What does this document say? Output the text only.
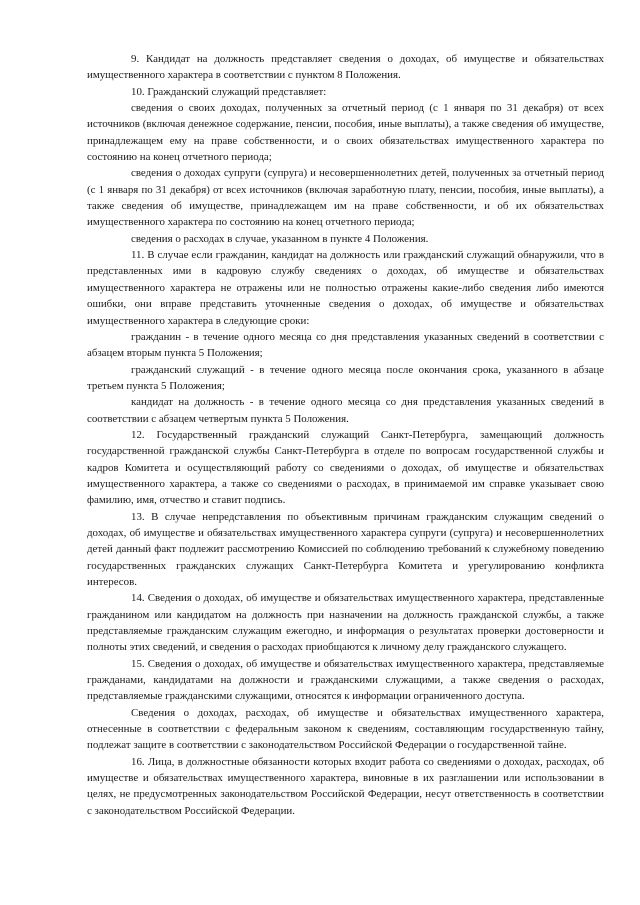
9. Кандидат на должность представляет сведения о доходах, об имуществе и обязательствах имущественного характера в соответствии с пунктом 8 Положения.

10. Гражданский служащий представляет:

сведения о своих доходах, полученных за отчетный период (с 1 января по 31 декабря) от всех источников (включая денежное содержание, пенсии, пособия, иные выплаты), а также сведения об имуществе, принадлежащем ему на праве собственности, и о своих обязательствах имущественного характера по состоянию на конец отчетного периода;

сведения о доходах супруги (супруга) и несовершеннолетних детей, полученных за отчетный период (с 1 января по 31 декабря) от всех источников (включая заработную плату, пенсии, пособия, иные выплаты), а также сведения об имуществе, принадлежащем им на праве собственности, и об их обязательствах имущественного характера по состоянию на конец отчетного периода;

сведения о расходах в случае, указанном в пункте 4 Положения.

11. В случае если гражданин, кандидат на должность или гражданский служащий обнаружили, что в представленных ими в кадровую службу сведениях о доходах, об имуществе и обязательствах имущественного характера не отражены или не полностью отражены какие-либо сведения либо имеются ошибки, они вправе представить уточненные сведения о доходах, об имуществе и обязательствах имущественного характера в следующие сроки:

гражданин - в течение одного месяца со дня представления указанных сведений в соответствии с абзацем вторым пункта 5 Положения;

гражданский служащий - в течение одного месяца после окончания срока, указанного в абзаце третьем пункта 5 Положения;

кандидат на должность - в течение одного месяца со дня представления указанных сведений в соответствии с абзацем четвертым пункта 5 Положения.

12. Государственный гражданский служащий Санкт-Петербурга, замещающий должность государственной гражданской службы Санкт-Петербурга в отделе по вопросам государственной службы и кадров Комитета и осуществляющий работу со сведениями о доходах, об имуществе и обязательствах имущественного характера, а также со сведениями о расходах, в принимаемой им справке указывает свою фамилию, имя, отчество и ставит подпись.

13. В случае непредставления по объективным причинам гражданским служащим сведений о доходах, об имуществе и обязательствах имущественного характера супруги (супруга) и несовершеннолетних детей данный факт подлежит рассмотрению Комиссией по соблюдению требований к служебному поведению государственных гражданских служащих Санкт-Петербурга Комитета и урегулированию конфликта интересов.

14. Сведения о доходах, об имуществе и обязательствах имущественного характера, представленные гражданином или кандидатом на должность при назначении на должность гражданской службы, а также представляемые гражданским служащим ежегодно, и информация о результатах проверки достоверности и полноты этих сведений, и сведения о расходах приобщаются к личному делу гражданского служащего.

15. Сведения о доходах, об имуществе и обязательствах имущественного характера, представляемые гражданами, кандидатами на должности и гражданскими служащими, а также сведения о расходах, представляемые гражданскими служащими, относятся к информации ограниченного доступа.

Сведения о доходах, расходах, об имуществе и обязательствах имущественного характера, отнесенные в соответствии с федеральным законом к сведениям, составляющим государственную тайну, подлежат защите в соответствии с законодательством Российской Федерации о государственной тайне.

16. Лица, в должностные обязанности которых входит работа со сведениями о доходах, расходах, об имуществе и обязательствах имущественного характера, виновные в их разглашении или использовании в целях, не предусмотренных законодательством Российской Федерации, несут ответственность в соответствии с законодательством Российской Федерации.
